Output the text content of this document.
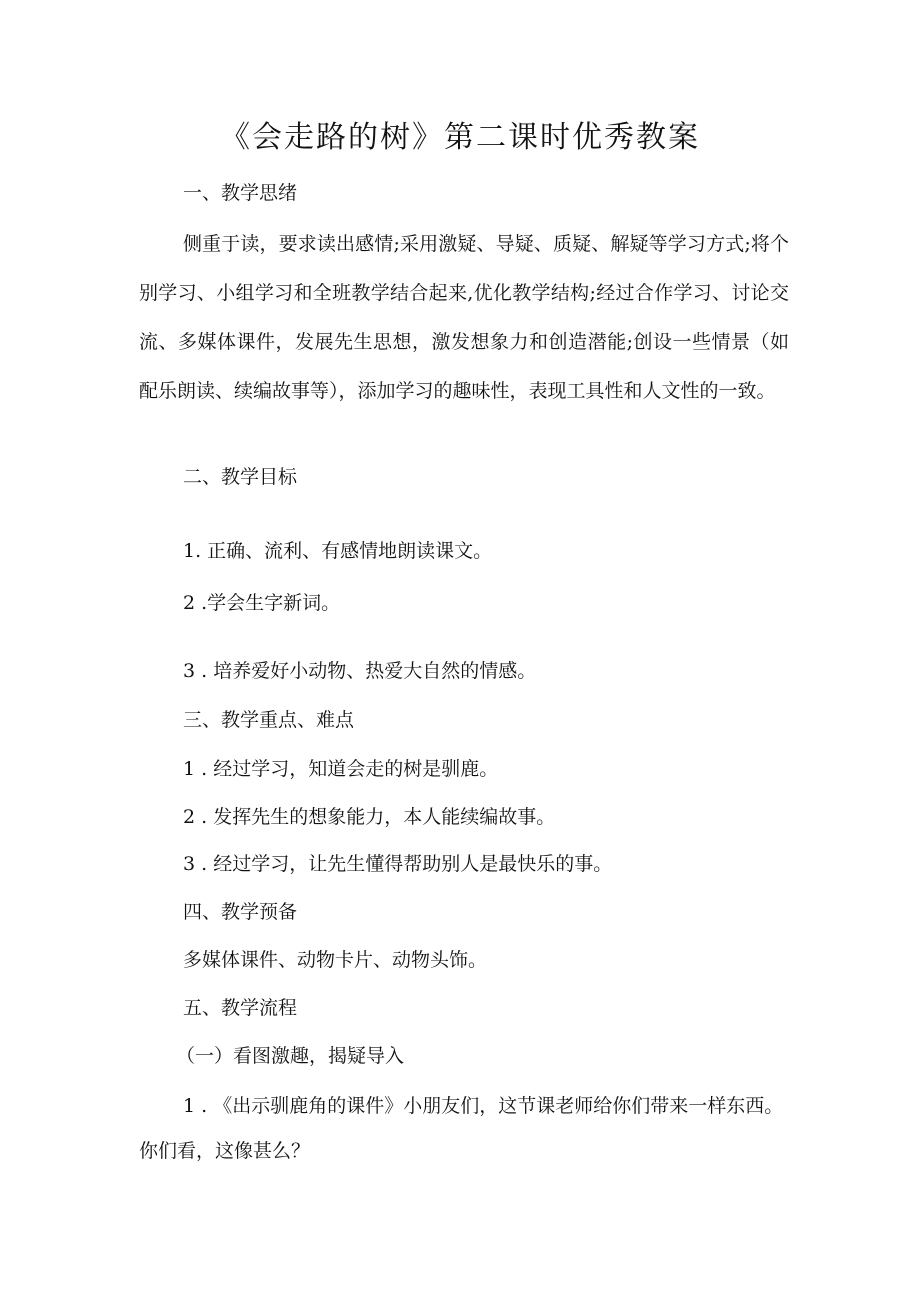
《会走路的树》第二课时优秀教案
一、教学思绪
侧重于读，要求读出感情;采用激疑、导疑、质疑、解疑等学习方式;将个别学习、小组学习和全班教学结合起来,优化教学结构;经过合作学习、讨论交流、多媒体课件，发展先生思想，激发想象力和创造潜能;创设一些情景（如配乐朗读、续编故事等），添加学习的趣味性，表现工具性和人文性的一致。
二、教学目标
1. 正确、流利、有感情地朗读课文。
2 .学会生字新词。
3 . 培养爱好小动物、热爱大自然的情感。
三、教学重点、难点
1 . 经过学习，知道会走的树是驯鹿。
2 . 发挥先生的想象能力，本人能续编故事。
3 . 经过学习，让先生懂得帮助别人是最快乐的事。
四、教学预备
多媒体课件、动物卡片、动物头饰。
五、教学流程
（一）看图激趣，揭疑导入
1 . 《出示驯鹿角的课件》小朋友们，这节课老师给你们带来一样东西。你们看，这像甚么？
